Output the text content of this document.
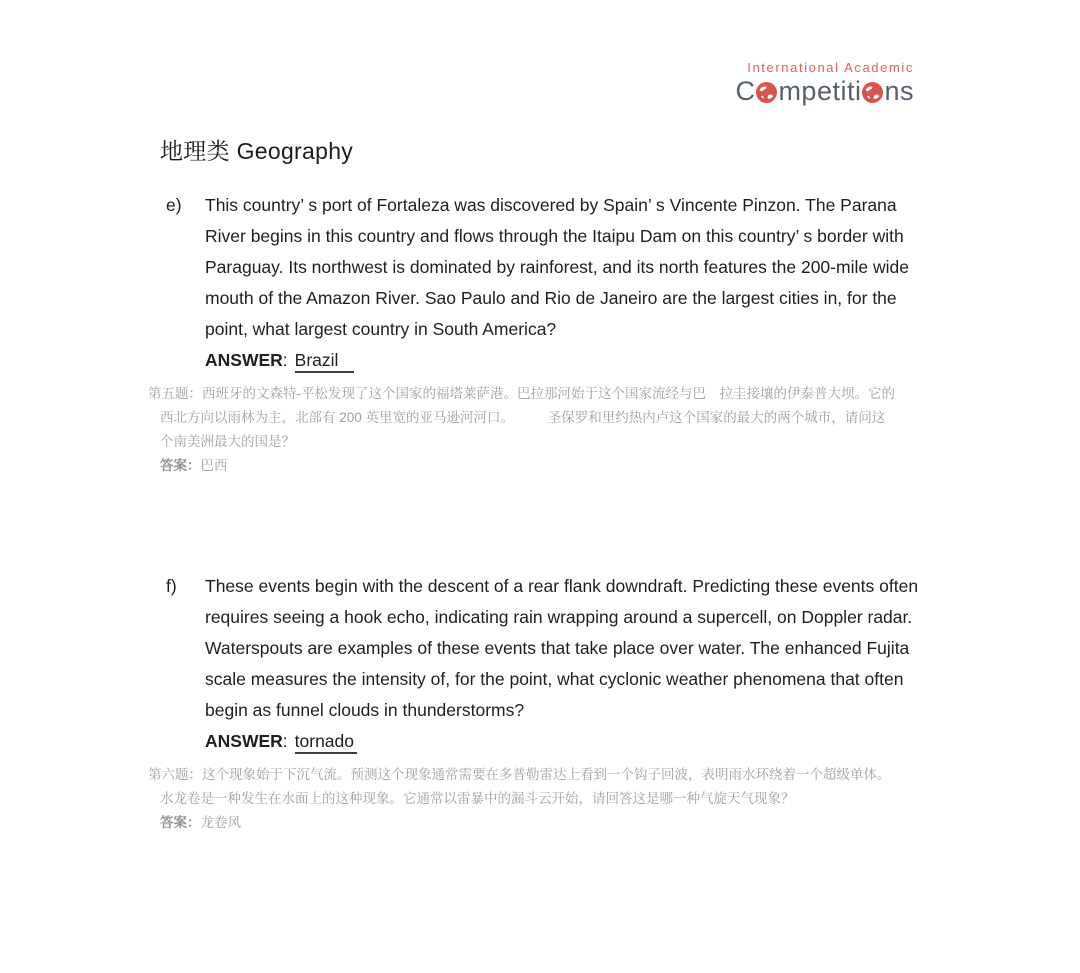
International Academic
C mpetiti ns
地理类 Geography
e)	This country’ s port of Fortaleza was discovered by Spain’ s Vincente Pinzon. The Parana River begins in this country and flows through the Itaipu Dam on this country’ s border with Paraguay. Its northwest is dominated by rainforest, and its north features the 200-mile wide mouth of the Amazon River. Sao Paulo and Rio de Janeiro are the largest cities in, for the point, what largest country in South America?

ANSWER: Brazil
第五题：西班牙的文森特-平松发现了这个国家的福塔莱萨港。巴拉那河始于这个国家流经与巴　拉圭接壤的伊泰普大坝。它的
西北方向以雨林为主，北部有 200 英里宽的亚马逊河河口。　　　圣保罗和里约热内卢这个国家的最大的两个城市，请问这
个南美洲最大的国是？
答案：巴西
f)	These events begin with the descent of a rear flank downdraft. Predicting these events often requires seeing a hook echo, indicating rain wrapping around a supercell, on Doppler radar. Waterspouts are examples of these events that take place over water. The enhanced Fujita scale measures the intensity of, for the point, what cyclonic weather phenomena that often begin as funnel clouds in thunderstorms?

ANSWER: tornado
第六题：这个现象始于下沉气流。预测这个现象通常需要在多普勒雷达上看到一个钩子回波，表明雨水环绕着一个超级单体。
水龙卷是一种发生在水面上的这种现象。它通常以雷暴中的漏斗云开始，请回答这是哪一种气旋天气现象？
答案：龙卷风
